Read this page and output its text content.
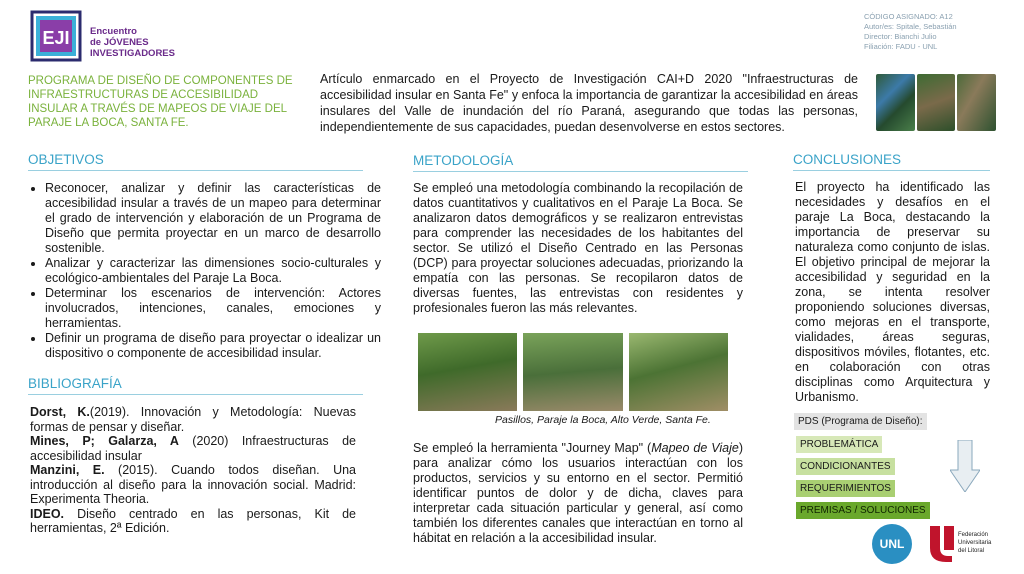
EJI Encuentro
de JÓVENES
INVESTIGADORES
CÓDIGO ASIGNADO: A12
Autor/es: Spitale, Sebastián
Director: Bianchi Julio
Filiación: FADU - UNL
PROGRAMA DE DISEÑO DE COMPONENTES DE INFRAESTRUCTURAS DE ACCESIBILIDAD INSULAR A TRAVÉS DE MAPEOS DE VIAJE DEL PARAJE LA BOCA, SANTA FE.
Artículo enmarcado en el Proyecto de Investigación CAI+D 2020 "Infraestructuras de accesibilidad insular en Santa Fe" y enfoca la importancia de garantizar la accesibilidad en áreas insulares del Valle de inundación del río Paraná, asegurando que todas las personas, independientemente de sus capacidades, puedan desenvolverse en estos sectores.
OBJETIVOS
• Reconocer, analizar y definir las características de accesibilidad insular a través de un mapeo para determinar el grado de intervención y elaboración de un Programa de Diseño que permita proyectar en un marco de desarrollo sostenible.
• Analizar y caracterizar las dimensiones socio-culturales y ecológico-ambientales del Paraje La Boca.
• Determinar los escenarios de intervención: Actores involucrados, intenciones, canales, emociones y herramientas.
• Definir un programa de diseño para proyectar o idealizar un dispositivo o componente de accesibilidad insular.
BIBLIOGRAFÍA

Dorst, K.(2019). Innovación y Metodología: Nuevas formas de pensar y diseñar.

Mines, P; Galarza, A (2020) Infraestructuras de accesibilidad insular

Manzini, E. (2015). Cuando todos diseñan. Una introducción al diseño para la innovación social. Madrid: Experimenta Theoria.

IDEO. Diseño centrado en las personas, Kit de herramientas, 2ª Edición.

METODOLOGÍA
Se empleó una metodología combinando la recopilación de datos cuantitativos y cualitativos en el Paraje La Boca. Se analizaron datos demográficos y se realizaron entrevistas para comprender las necesidades de los habitantes del sector. Se utilizó el Diseño Centrado en las Personas (DCP) para proyectar soluciones adecuadas, priorizando la empatía con las personas. Se recopilaron datos de diversas fuentes, las entrevistas con residentes y profesionales fueron las más relevantes.
Pasillos, Paraje la Boca, Alto Verde, Santa Fe.
Se empleó la herramienta "Journey Map" (Mapeo de Viaje) para analizar cómo los usuarios interactúan con los productos, servicios y su entorno en el sector. Permitió identificar puntos de dolor y de dicha, claves para interpretar cada situación particular y general, así como también los diferentes canales que interactúan en torno al hábitat en relación a la accesibilidad insular.
CONCLUSIONES
El proyecto ha identificado las necesidades y desafíos en el paraje La Boca, destacando la importancia de preservar su naturaleza como conjunto de islas. El objetivo principal de mejorar la accesibilidad y seguridad en la zona, se intenta resolver proponiendo soluciones diversas, como mejoras en el transporte, vialidades, áreas seguras, dispositivos móviles, flotantes, etc. en colaboración con otras disciplinas como Arquitectura y Urbanismo.
PDS (Programa de Diseño):
PROBLEMÁTICA
CONDICIONANTES
REQUERIMIENTOS
PREMISAS / SOLUCIONES
UNL
Federación
Universitaria
del Litoral
